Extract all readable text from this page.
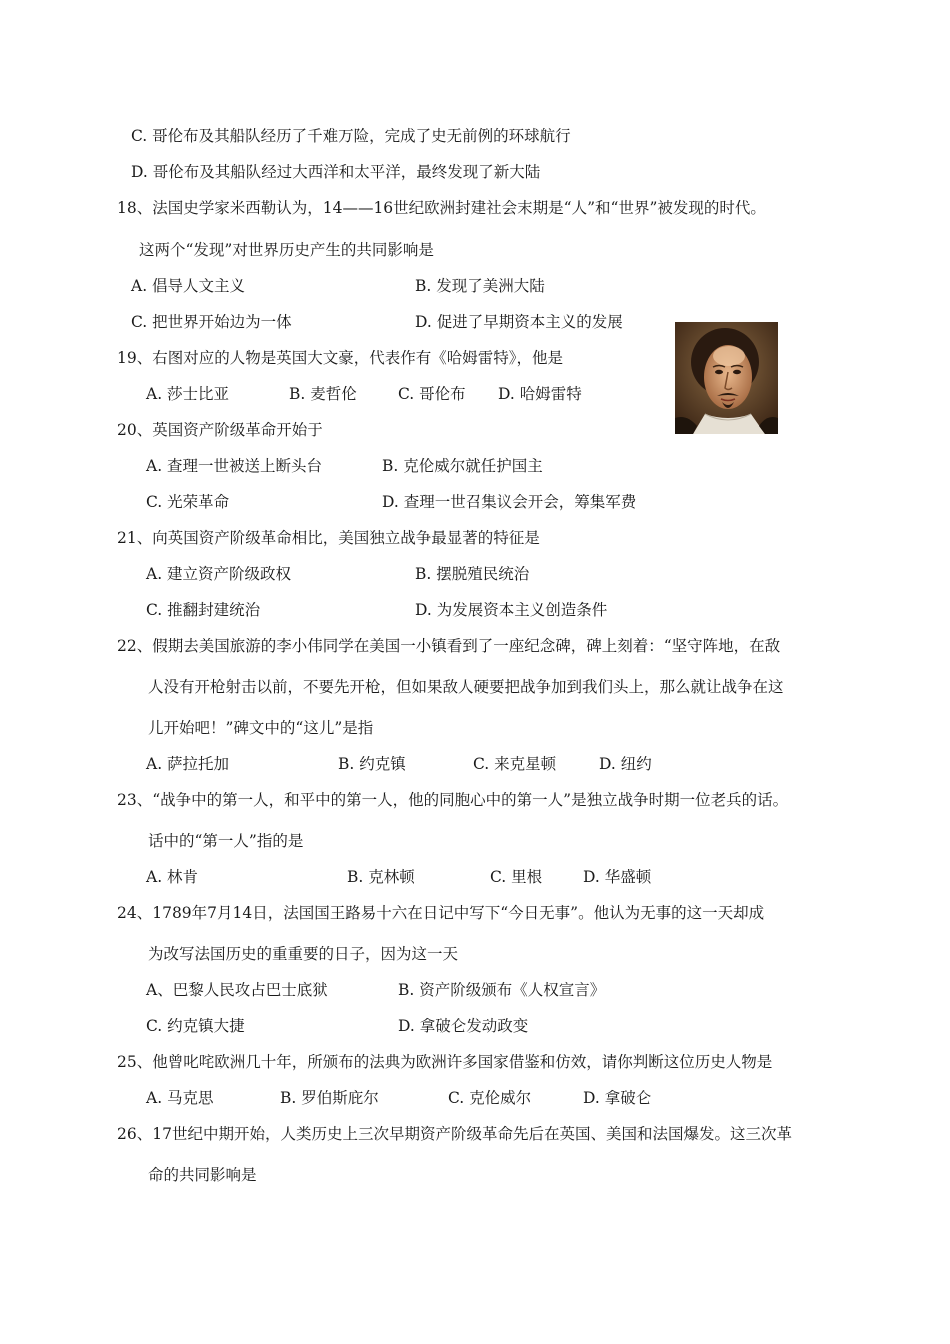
C. 哥伦布及其船队经历了千难万险，完成了史无前例的环球航行
D. 哥伦布及其船队经过大西洋和太平洋，最终发现了新大陆
18、法国史学家米西勒认为，14——16世纪欧洲封建社会末期是“人”和“世界”被发现的时代。
这两个“发现”对世界历史产生的共同影响是
A. 倡导人文主义	B. 发现了美洲大陆
C. 把世界开始边为一体	D. 促进了早期资本主义的发展
19、右图对应的人物是英国大文豪，代表作有《哈姆雷特》，他是
A. 莎士比亚	B. 麦哲伦	C. 哥伦布 D. 哈姆雷特
20、英国资产阶级革命开始于
A. 查理一世被送上断头台	B. 克伦威尔就任护国主
C. 光荣革命	D. 查理一世召集议会开会，筹集军费
21、向英国资产阶级革命相比，美国独立战争最显著的特征是
A. 建立资产阶级政权	B. 摆脱殖民统治
C. 推翻封建统治	D. 为发展资本主义创造条件
22、假期去美国旅游的李小伟同学在美国一小镇看到了一座纪念碑，碑上刻着：“坚守阵地，在敌
人没有开枪射击以前，不要先开枪，但如果敌人硬要把战争加到我们头上，那么就让战争在这
儿开始吧！”碑文中的“这儿”是指
A. 萨拉托加	B. 约克镇	C. 来克星顿	D. 纽约
23、“战争中的第一人，和平中的第一人，他的同胞心中的第一人”是独立战争时期一位老兵的话。
话中的“第一人”指的是
A. 林肯	B. 克林顿	C. 里根	D. 华盛顿
24、1789年7月14日，法国国王路易十六在日记中写下“今日无事”。他认为无事的这一天却成
为改写法国历史的重重要的日子，因为这一天
A、巴黎人民攻占巴士底狱	B. 资产阶级颁布《人权宣言》
C. 约克镇大捷	D. 拿破仑发动政变
25、他曾叱咤欧洲几十年，所颁布的法典为欧洲许多国家借鉴和仿效，请你判断这位历史人物是
A. 马克思	B. 罗伯斯庇尔	C. 克伦威尔	D. 拿破仑
26、17世纪中期开始，人类历史上三次早期资产阶级革命先后在英国、美国和法国爆发。这三次革
命的共同影响是
